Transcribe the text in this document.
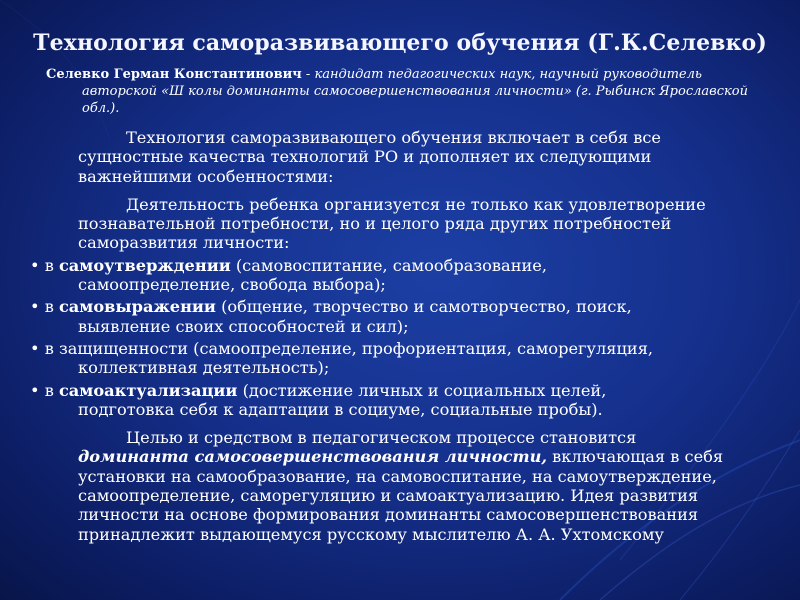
Технология саморазвивающего обучения (Г.К.Селевко)
Селевко Герман Константинович - кандидат педагогических наук, научный руководитель
авторской «Ш колы доминанты самосовершенствования личности» (г. Рыбинск Ярославской
обл.).
Технология саморазвивающего обучения включает в себя все
сущностные качества технологий РО и дополняет их следующими
важнейшими особенностями:
Деятельность ребенка организуется не только как удовлетворение
познавательной потребности, но и целого ряда других потребностей
саморазвития личности:
• в самоутверждении (самовоспитание, самообразование,
самоопределение, свобода выбора);
• в самовыражении (общение, творчество и самотворчество, поиск,
выявление своих способностей и сил);
• в защищенности (самоопределение, профориентация, саморегуляция,
коллективная деятельность);
• в самоактуализации (достижение личных и социальных целей,
подготовка себя к адаптации в социуме, социальные пробы).
Целью и средством в педагогическом процессе становится
доминанта самосовершенствования личности, включающая в себя
установки на самообразование, на самовоспитание, на самоутверждение,
самоопределение, саморегуляцию и самоактуализацию. Идея развития
личности на основе формирования доминанты самосовершенствования
принадлежит выдающемуся русскому мыслителю А. А. Ухтомскому
